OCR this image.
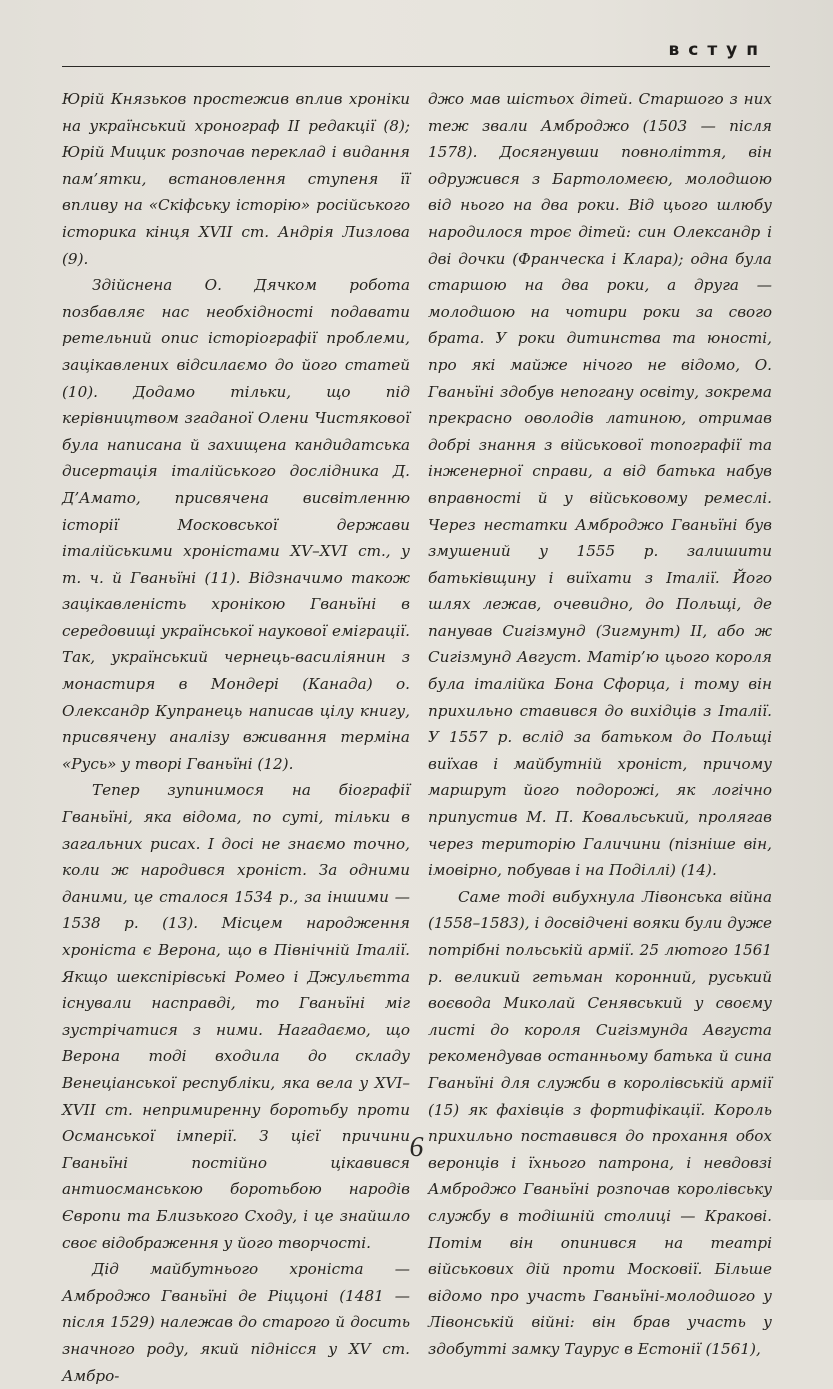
вступ

Юрій Князьков простежив вплив хроніки на український хронограф II редакції (8); Юрій Мицик розпочав переклад і видання пам’ятки, встановлення ступеня її впливу на «Скіфську історію» російського історика кінця XVII ст. Андрія Лизлова (9).

Здійснена О. Дячком робота позбавляє нас необхідності подавати ретельний опис історіографії проблеми, зацікавлених відсилаємо до його статей (10). Додамо тільки, що під керівництвом згаданої Олени Чистякової була написана й захищена кандидатська дисертація італійського дослідника Д. Д’Амато, присвячена висвітленню історії Московської держави італійськими хроністами XV–XVI ст., у т. ч. й Гваньїні (11). Відзначимо також зацікавленість хронікою Гваньїні в середовищі української наукової еміграції. Так, український чернець-василіянин з монастиря в Мондері (Канада) о. Олександр Купранець написав цілу книгу, присвячену аналізу вживання терміна «Русь» у творі Гваньїні (12).

Тепер зупинимося на біографії Гваньїні, яка відома, по суті, тільки в загальних рисах. І досі не знаємо точно, коли ж народився хроніст. За одними даними, це сталося 1534 р., за іншими — 1538 р. (13). Місцем народження хроніста є Верона, що в Північній Італії. Якщо шекспірівські Ромео і Джульєтта існували насправді, то Гваньїні міг зустрічатися з ними. Нагадаємо, що Верона тоді входила до складу Венеціанської республіки, яка вела у XVI–XVII ст. непримиренну боротьбу проти Османської імперії. З цієї причини Гваньїні постійно цікавився антиосманською боротьбою народів Європи та Близького Сходу, і це знайшло своє відображення у його творчості.

Дід майбутнього хроніста — Амброджо Гваньїні де Ріццоні (1481 — після 1529) належав до старого й досить значного роду, який піднісся у XV ст. Амбро-

джо мав шістьох дітей. Старшого з них теж звали Амброджо (1503 — після 1578). Досягнувши повноліття, він одружився з Бартоломеєю, молодшою від нього на два роки. Від цього шлюбу народилося троє дітей: син Олександр і дві дочки (Франческа і Клара); одна була старшою на два роки, а друга — молодшою на чотири роки за свого брата. У роки дитинства та юності, про які майже нічого не відомо, О. Гваньїні здобув непогану освіту, зокрема прекрасно оволодів латиною, отримав добрі знання з військової топографії та інженерної справи, а від батька набув вправності й у військовому ремеслі. Через нестатки Амброджо Гваньїні був змушений у 1555 р. залишити батьківщину і виїхати з Італії. Його шлях лежав, очевидно, до Польщі, де панував Сигізмунд (Зигмунт) II, або ж Сигізмунд Август. Матір’ю цього короля була італійка Бона Сфорца, і тому він прихильно ставився до вихідців з Італії. У 1557 р. вслід за батьком до Польщі виїхав і майбутній хроніст, причому маршрут його подорожі, як логічно припустив М. П. Ковальський, пролягав через територію Галичини (пізніше він, імовірно, побував і на Поділлі) (14).

Саме тоді вибухнула Лівонська війна (1558–1583), і досвідчені вояки були дуже потрібні польській армії. 25 лютого 1561 р. великий гетьман коронний, руський воєвода Миколай Сенявський у своєму листі до короля Сигізмунда Августа рекомендував останньому батька й сина Гваньїні для служби в королівській армії (15) як фахівців з фортифікації. Король прихильно поставився до прохання обох веронців і їхнього патрона, і невдовзі Амброджо Гваньїні розпочав королівську службу в тодішній столиці — Кракові. Потім він опинився на театрі військових дій проти Московії. Більше відомо про участь Гваньїні-молодшого у Лівонській війні: він брав участь у здобутті замку Таурус в Естонії (1561),

6
